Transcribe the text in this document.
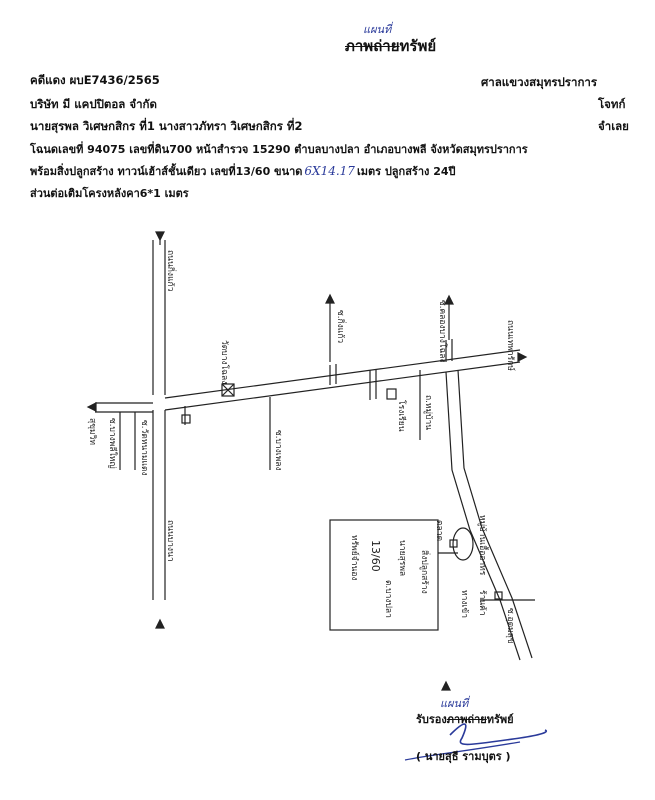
แผนที่
ภาพถ่ายทรัพย์
คดีแดง ผบE7436/2565	ศาลแขวงสมุทรปราการ
บริษัท มี แคปปิตอล จำกัด	โจทก์
นายสุรพล วิเศษกสิกร ที่1 นางสาวภัทรา วิเศษกสิกร ที่2	จำเลย
โฉนดเลขที่ 94075 เลขที่ดิน700 หน้าสำรวจ 15290 ตำบลบางปลา อำเภอบางพลี จังหวัดสมุทรปราการ
พร้อมสิ่งปลูกสร้าง ทาวน์เฮ้าส์ชั้นเดียว เลขที่13/60 ขนาด 6X14.17 เมตร ปลูกสร้าง 24ปี
ส่วนต่อเติมโครงหลังคา6*1 เมตร
ถนนกิ่งแก้ว
ถนนบางนา
สุขุมวิท
ถนนเทพารักษ์
วัดบางโฉลง
โรงเรียน
ซ.บางพลีใหญ่	ซ.วัดหนามแดง	ซ.บางเพลง
ซ.กิ่งแก้ว	ซ.คลองบางโฉลง
ถ.หมู่บ้าน
หมู่บ้านเอื้ออาทร
ตลาด
ร้านค้า
ทางเข้า
ซ.อุดมสุข
13/60 นายสุรพล
ทรัพย์จำนอง	สิ่งปลูกสร้าง
ต.บางปลา
แผนที่
รับรองภาพถ่ายทรัพย์
( นายสุธี รามบุตร )
